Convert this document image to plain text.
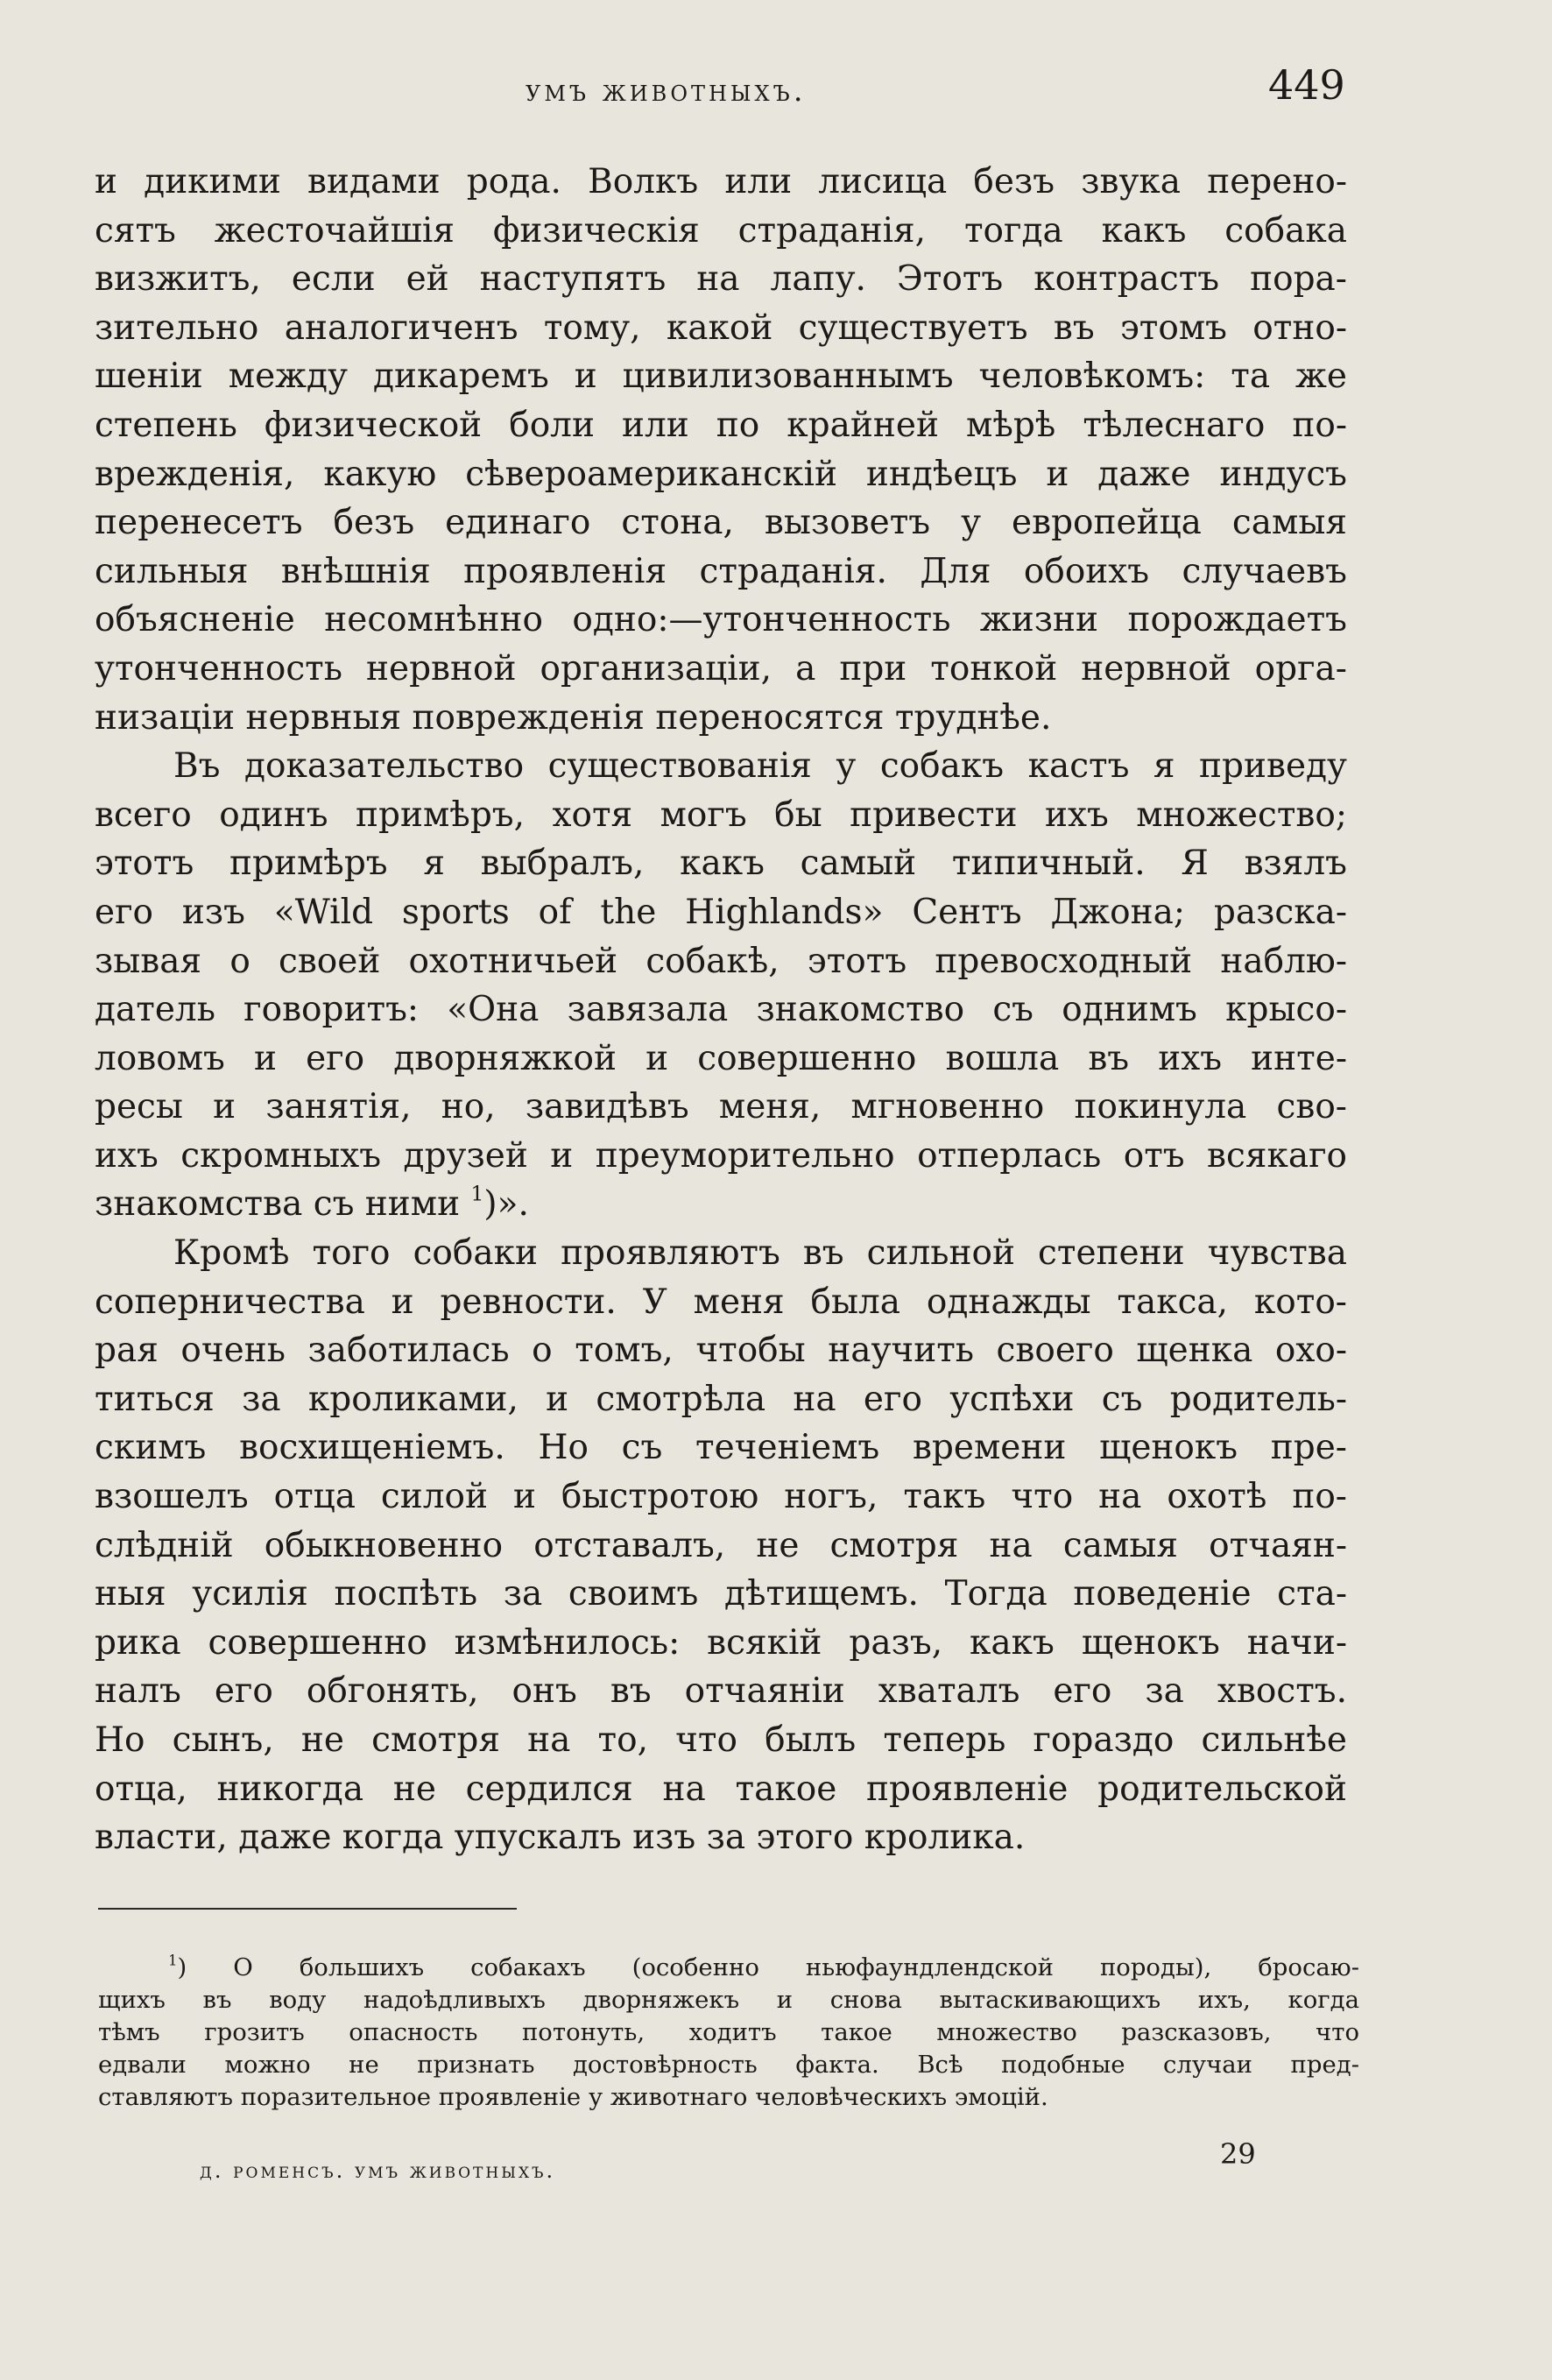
умъ животныхъ.	449

и дикими видами рода. Волкъ или лисица безъ звука перено-
сятъ жесточайшія физическія страданія, тогда какъ собака
визжитъ, если ей наступятъ на лапу. Этотъ контрастъ пора-
зительно аналогиченъ тому, какой существуетъ въ этомъ отно-
шеніи между дикаремъ и цивилизованнымъ человѣкомъ: та же
степень физической боли или по крайней мѣрѣ тѣлеснаго по-
врежденія, какую сѣвероамериканскій индѣецъ и даже индусъ
перенесетъ безъ единаго стона, вызоветъ у европейца самыя
сильныя внѣшнія проявленія страданія. Для обоихъ случаевъ
объясненіе несомнѣнно одно:—утонченность жизни порождаетъ
утонченность нервной организаціи, а при тонкой нервной орга-
низаціи нервныя поврежденія переносятся труднѣе.

Въ доказательство существованія у собакъ кастъ я приведу
всего одинъ примѣръ, хотя могъ бы привести ихъ множество;
этотъ примѣръ я выбралъ, какъ самый типичный. Я взялъ
его изъ «Wild sports of the Highlands» Сентъ Джона; разска-
зывая о своей охотничьей собакѣ, этотъ превосходный наблю-
датель говоритъ: «Она завязала знакомство съ однимъ крысо-
ловомъ и его дворняжкой и совершенно вошла въ ихъ инте-
ресы и занятія, но, завидѣвъ меня, мгновенно покинула сво-
ихъ скромныхъ друзей и преуморительно отперлась отъ всякаго
знакомства съ ними $^1$)».

Кромѣ того собаки проявляютъ въ сильной степени чувства
соперничества и ревности. У меня была однажды такса, кото-
рая очень заботилась о томъ, чтобы научить своего щенка охо-
титься за кроликами, и смотрѣла на его успѣхи съ родитель-
скимъ восхищеніемъ. Но съ теченіемъ времени щенокъ пре-
взошелъ отца силой и быстротою ногъ, такъ что на охотѣ по-
слѣдній обыкновенно отставалъ, не смотря на самыя отчаян-
ныя усилія поспѣть за своимъ дѣтищемъ. Тогда поведеніе ста-
рика совершенно измѣнилось: всякій разъ, какъ щенокъ начи-
налъ его обгонять, онъ въ отчаяніи хваталъ его за хвостъ.
Но сынъ, не смотря на то, что былъ теперь гораздо сильнѣе
отца, никогда не сердился на такое проявленіе родительской
власти, даже когда упускалъ изъ за этого кролика.

$^1$) О большихъ собакахъ (особенно ньюфаундлендской породы), бросаю-
щихъ въ воду надоѣдливыхъ дворняжекъ и снова вытаскивающихъ ихъ, когда
тѣмъ грозитъ опасность потонуть, ходитъ такое множество разсказовъ, что
едвали можно не признать достовѣрность факта. Всѣ подобные случаи пред-
ставляютъ поразительное проявленіе у животнаго человѣческихъ эмоцій.
д. роменсъ. умъ животныхъ.	29
